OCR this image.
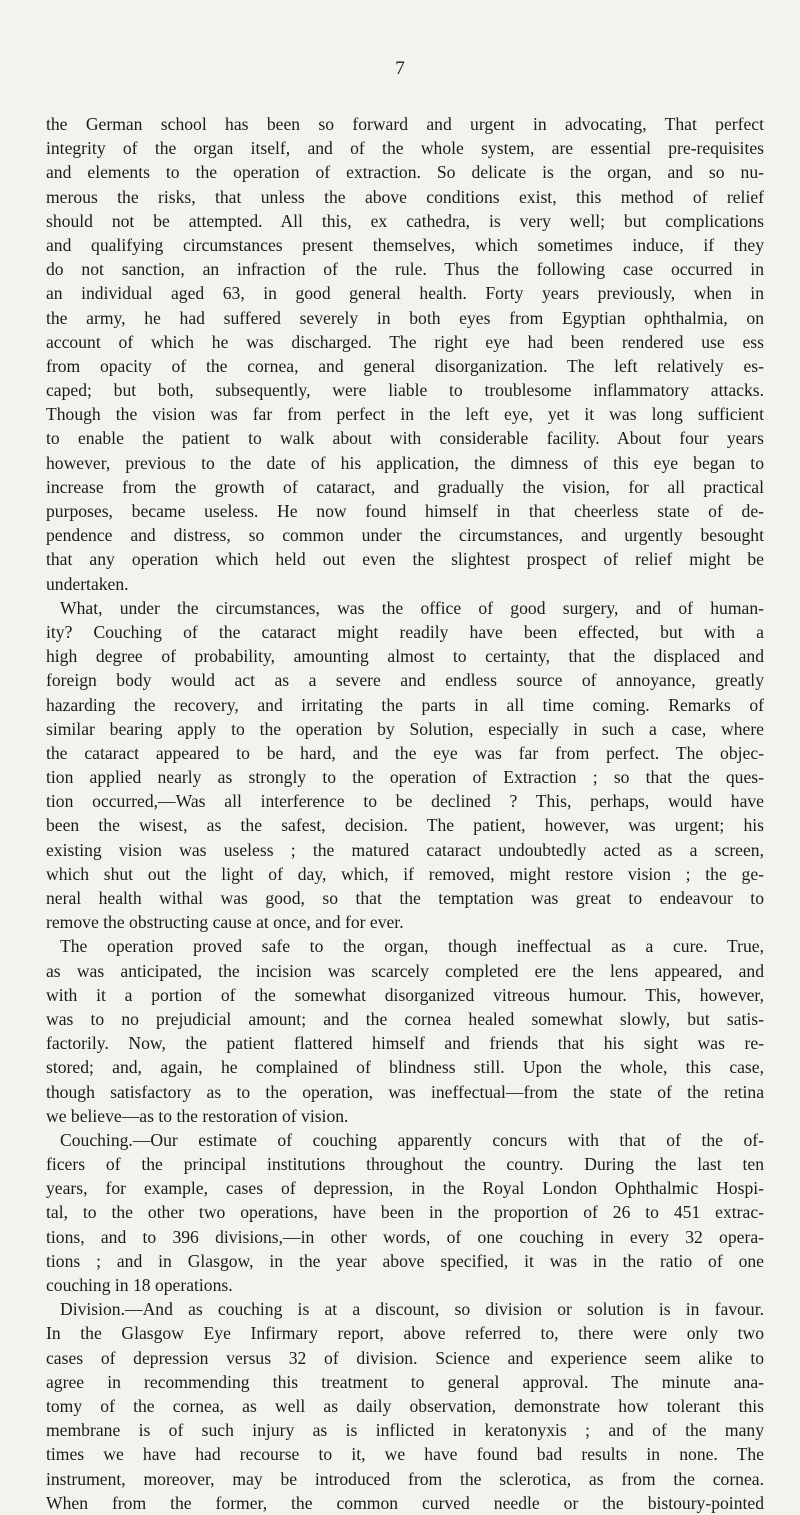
7
the German school has been so forward and urgent in advocating, That perfect
integrity of the organ itself, and of the whole system, are essential pre-requisites
and elements to the operation of extraction. So delicate is the organ, and so nu-
merous the risks, that unless the above conditions exist, this method of relief
should not be attempted. All this, ex cathedra, is very well; but complications
and qualifying circumstances present themselves, which sometimes induce, if they
do not sanction, an infraction of the rule. Thus the following case occurred in
an individual aged 63, in good general health. Forty years previously, when in
the army, he had suffered severely in both eyes from Egyptian ophthalmia, on
account of which he was discharged. The right eye had been rendered use ess
from opacity of the cornea, and general disorganization. The left relatively es-
caped; but both, subsequently, were liable to troublesome inflammatory attacks.
Though the vision was far from perfect in the left eye, yet it was long sufficient
to enable the patient to walk about with considerable facility. About four years
however, previous to the date of his application, the dimness of this eye began to
increase from the growth of cataract, and gradually the vision, for all practical
purposes, became useless. He now found himself in that cheerless state of de-
pendence and distress, so common under the circumstances, and urgently besought
that any operation which held out even the slightest prospect of relief might be
undertaken.
What, under the circumstances, was the office of good surgery, and of human-
ity? Couching of the cataract might readily have been effected, but with a
high degree of probability, amounting almost to certainty, that the displaced and
foreign body would act as a severe and endless source of annoyance, greatly
hazarding the recovery, and irritating the parts in all time coming. Remarks of
similar bearing apply to the operation by Solution, especially in such a case, where
the cataract appeared to be hard, and the eye was far from perfect. The objec-
tion applied nearly as strongly to the operation of Extraction ; so that the ques-
tion occurred,—Was all interference to be declined ? This, perhaps, would have
been the wisest, as the safest, decision. The patient, however, was urgent; his
existing vision was useless ; the matured cataract undoubtedly acted as a screen,
which shut out the light of day, which, if removed, might restore vision ; the ge-
neral health withal was good, so that the temptation was great to endeavour to
remove the obstructing cause at once, and for ever.
The operation proved safe to the organ, though ineffectual as a cure. True,
as was anticipated, the incision was scarcely completed ere the lens appeared, and
with it a portion of the somewhat disorganized vitreous humour. This, however,
was to no prejudicial amount; and the cornea healed somewhat slowly, but satis-
factorily. Now, the patient flattered himself and friends that his sight was re-
stored; and, again, he complained of blindness still. Upon the whole, this case,
though satisfactory as to the operation, was ineffectual—from the state of the retina
we believe—as to the restoration of vision.
Couching.—Our estimate of couching apparently concurs with that of the of-
ficers of the principal institutions throughout the country. During the last ten
years, for example, cases of depression, in the Royal London Ophthalmic Hospi-
tal, to the other two operations, have been in the proportion of 26 to 451 extrac-
tions, and to 396 divisions,—in other words, of one couching in every 32 opera-
tions ; and in Glasgow, in the year above specified, it was in the ratio of one
couching in 18 operations.
Division.—And as couching is at a discount, so division or solution is in favour.
In the Glasgow Eye Infirmary report, above referred to, there were only two
cases of depression versus 32 of division. Science and experience seem alike to
agree in recommending this treatment to general approval. The minute ana-
tomy of the cornea, as well as daily observation, demonstrate how tolerant this
membrane is of such injury as is inflicted in keratonyxis ; and of the many
times we have had recourse to it, we have found bad results in none. The
instrument, moreover, may be introduced from the sclerotica, as from the cornea.
When from the former, the common curved needle or the bistoury-pointed
